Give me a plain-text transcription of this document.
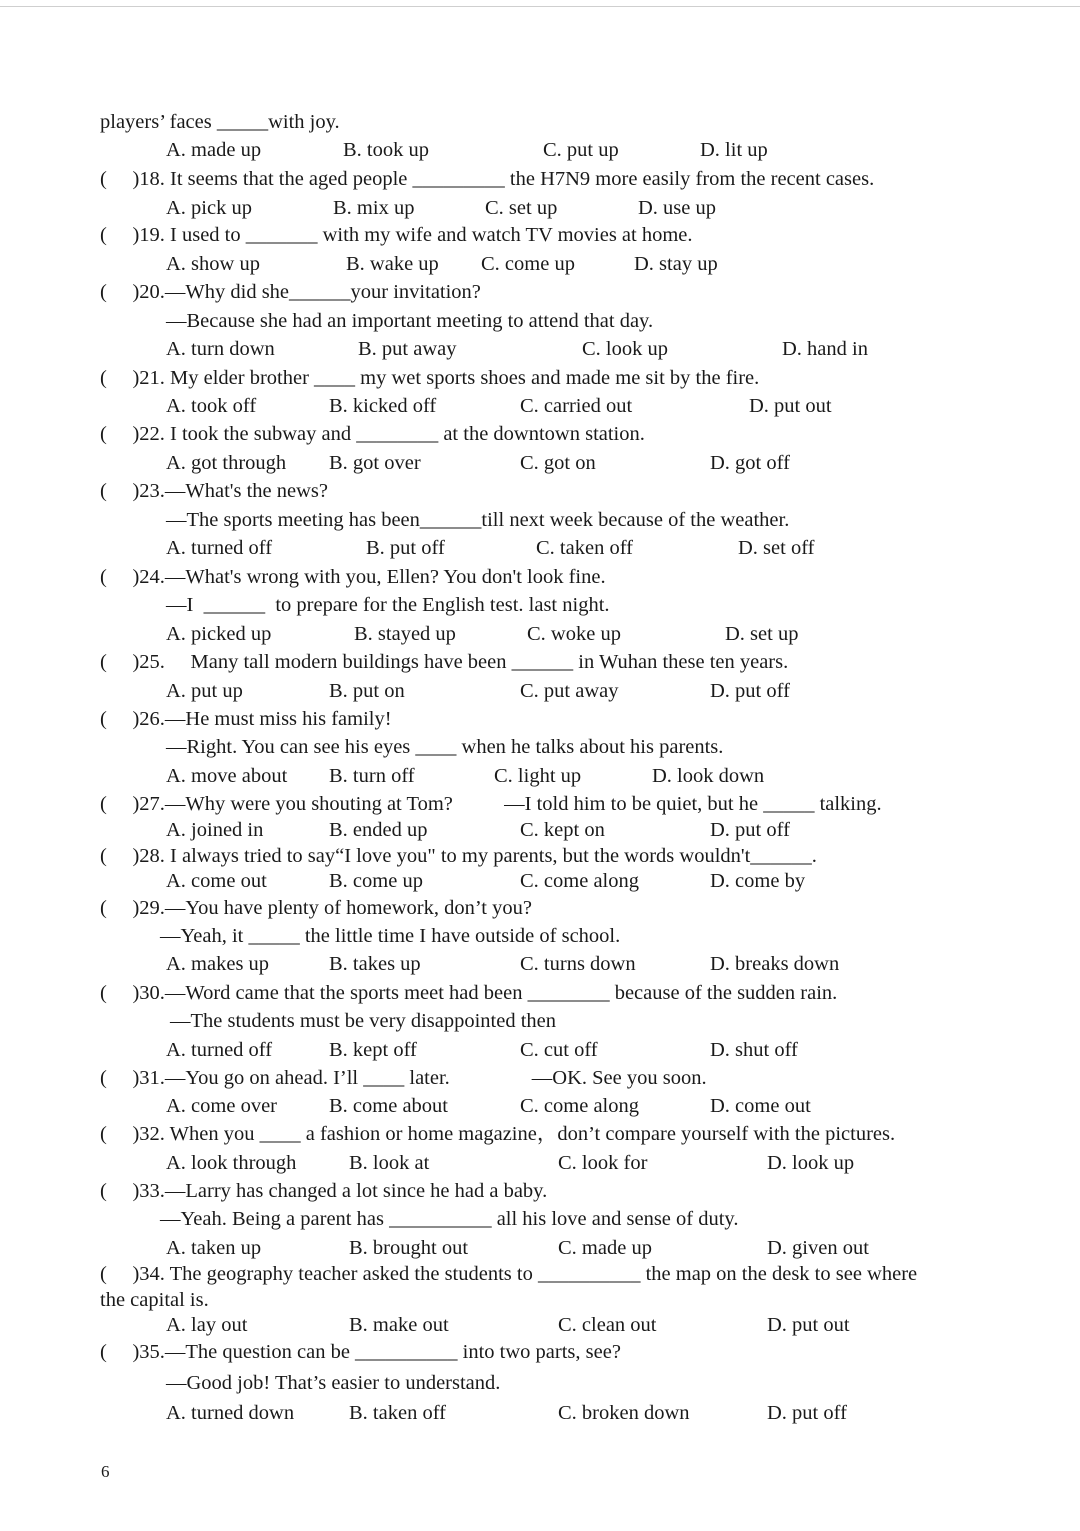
players’ faces _____with joy.
A. made up	B. took up	C. put up	D. lit up
(     )18. It seems that the aged people _________ the H7N9 more easily from the recent cases.
A. pick up	B. mix up	C. set up	D. use up
(     )19. I used to _______ with my wife and watch TV movies at home.
A. show up	B. wake up C. come up	D. stay up
(     )20.—Why did she______your invitation?
—Because she had an important meeting to attend that day.
A. turn down	B. put away	C. look up	D. hand in
(     )21. My elder brother ____ my wet sports shoes and made me sit by the fire.
A. took off	B. kicked off	C. carried out	D. put out
(     )22. I took the subway and ________ at the downtown station.
A. got through B. got over	C. got on	D. got off
(     )23.—What's the news?
—The sports meeting has been______till next week because of the weather.
A. turned off	B. put off	C. taken off	D. set off
(     )24.—What's wrong with you, Ellen? You don't look fine.
—I  ______  to prepare for the English test. last night.
A. picked up	B. stayed up	C. woke up	D. set up
(     )25.     Many tall modern buildings have been ______ in Wuhan these ten years.
A. put up	B. put on	C. put away	D. put off
(     )26.—He must miss his family!
—Right. You can see his eyes ____ when he talks about his parents.
A. move about B. turn off	C. light up	D. look down
(     )27.—Why were you shouting at Tom?          —I told him to be quiet, but he _____ talking.
A. joined in	B. ended up	C. kept on	D. put off
(     )28. I always tried to say“I love you" to my parents, but the words wouldn't______.
A. come out	B. come up	C. come along	D. come by
(     )29.—You have plenty of homework, don’t you?
—Yeah, it _____ the little time I have outside of school.
A. makes up	B. takes up	C. turns down	D. breaks down
(     )30.—Word came that the sports meet had been ________ because of the sudden rain.
—The students must be very disappointed then
A. turned off	B. kept off	C. cut off	D. shut off
(     )31.—You go on ahead. I’ll ____ later.                —OK. See you soon.
A. come over	B. come about	C. come along	D. come out
(     )32. When you ____ a fashion or home magazine，don’t compare yourself with the pictures.
A. look through	B. look at	C. look for	D. look up
(     )33.—Larry has changed a lot since he had a baby.
—Yeah. Being a parent has __________ all his love and sense of duty.
A. taken up	B. brought out	C. made up	D. given out
(     )34. The geography teacher asked the students to __________ the map on the desk to see where
the capital is.
A. lay out	B. make out	C. clean out	D. put out
(     )35.—The question can be __________ into two parts, see?
—Good job! That’s easier to understand.
A. turned down	B. taken off	C. broken down	D. put off
6
